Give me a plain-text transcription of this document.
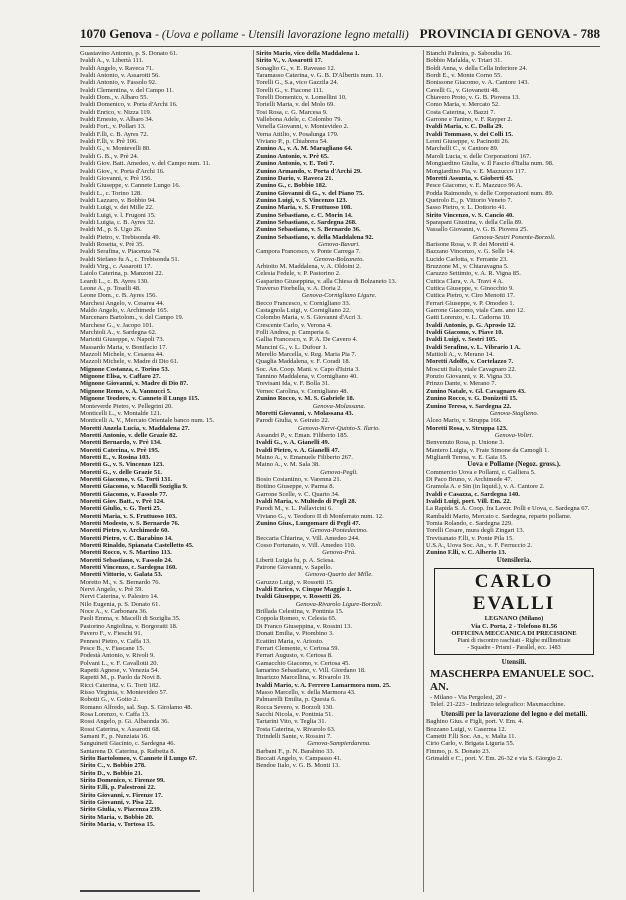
1070 Genova - (Uova e pollame - Utensili lavorazione legno metalli) PROVINCIA DI GENOVA - 788
Guastavino Antonio, p. S. Donato 61.
Ivaldi A., v. Libertà 111.
Ivaldi Angelo, v. Raveca 71.
Ivaldi Antonio, v. Assarotti 56.
Ivaldi Antonio, v. Fassolo 92.
Ivaldi Clementina, v. del Campo 11.
Ivaldi Dom., v. Albaro 55.
Ivaldi Domenico, v. Porta d'Archi 16.
Ivaldi Enrico, v. Nizza 119.
Ivaldi Ernesto, v. Albaro 34.
Ivaldi Fort., v. Pollari 13.
Ivaldi F.lli, c. B. Ayres 72.
Ivaldi F.lli, v. Prè 106.
Ivaldi G., v. Montevelli 80.
Ivaldi G. B., v. Prè 24.
Ivaldi Giov. Batt. Amedeo, v. del Campo num. 11.
Ivaldi Giov., v. Porta d'Archi 16.
Ivaldi Giovanni, v. Prè 156.
Ivaldi Giuseppe, v. Cannete Lungo 16.
Ivaldi L., c. Torino 128.
Ivaldi Lazzaro, v. Bobbio 94.
Ivaldi Luigi, v. dei Mille 22.
Ivaldi Luigi, v. l. Frugoni 15.
Ivaldi Luigia, c. B. Ayres 32.
Ivaldi M., p. S. Ugo 26.
Ivaldi Pietro, v. Trebisonda 49.
Ivaldi Rosetta, v. Prè 35.
Ivaldi Serafina, v. Piacenza 74.
Ivaldi Stefano fu A., c. Trebisonda 51.
Ivaldi Virg., c. Assarotti 17.
Laiolo Caterina, p. Manzoni 22.
Leardi L., c. B. Ayres 130.
Leone A., p. Toselli 48.
Leone Dom., c. B. Ayres 156.
Marchesi Angelo, v. Cesarea 44.
Maldo Angelo, v. Archimede 165.
Marcenaro Bartolom., v. del Campo 19.
Marchese G., v. Jacopo 101.
Marchioli A., v. Sardegna 62.
Mariotti Giuseppe, v. Napoli 73.
Massardo Maria, v. Bonifacio 17.
Mazzoli Michele, v. Cesarea 44.
Mazzoli Michele, v. Madre di Dio 61.
Mignone Costanza, c. Torino 53.
Mignone Elisa, v. Caffaro 27.
Mignone Giovanni, v. Madre di Dio 87.
Mignone Remo, v. A. Vannucci 5.
Mignone Teodoro, v. Canneto il Lungo 115.
Monteverde Pietro, v. Pellegrini 20.
Monticelli L., v. Montalde 121.
Monticelli A. V., Mercato Orientale banco num. 15.
Moretti Anzela Lucia, v. Maddalena 27.
Moretti Antonio, v. delle Grazie 82.
Moretti Bernardo, v. Prè 134.
Moretti Caterina, v. Prè 195.
Moretti E., v. Rosina 103.
Moretti G., v. S. Vincenzo 123.
Moretti G., v. delle Grazie 51.
Moretti Giacomo, v. G. Torti 131.
Moretti Giacomo, v. Macelli Soziglia 9.
Moretti Giacomo, v. Fassolo 77.
Moretti Giov. Batt., v. Prè 124.
Moretti Giulio, v. G. Torti 25.
Moretti Maria, v. S. Fruttuoso 103.
Moretti Modesto, v. S. Bernardo 76.
Moretti Pietro, v. Archimede 60.
Moretti Pietro, v. C. Barabino 14.
Moretti Rinaldo, Spianata Castelletto 45.
Moretti Rocco, v. S. Martino 113.
Moretti Sebastiano, v. Fassolo 24.
Moretti Vincenzo, c. Sardegna 160.
Moretti Vittorio, v. Galata 53.
Moretto M., v. S. Bernardo 76.
Nervi Angelo, v. Prè 59.
Nervi Caterina, v. Palestro 14.
Nilo Eugenia, p. S. Donato 61.
Noce A., v. Carbonara 36.
Paoli Emma, v. Macelli di Soziglia 35.
Pastorino Angiolina, v. Borgoratti 18.
Pavero F., v. Fieschi 91.
Pennesi Pietro, v. Caffa 13.
Pesce B., v. Fiascane 15.
Podestà Antonio, v. Rivoli 9.
Polvani L., v. F. Cavallotti 20.
Rapetti Agnese, v. Venezia 54.
Rapetti M., p. Paolo da Novi 8.
Ricci Caterina, v. G. Torti 182.
Risso Virginia, v. Montevideo 57.
Robotti G., v. Goito 2.
Romano Alfredo, sal. Sup. S. Girolamo 48.
Rosa Lorenzo, v. Caffa 13.
Rossi Angelo, p. Gi. Albaonda 36.
Rossi Caterina, v. Assarotti 68.
Samani F., p. Nunziata 16.
Sanguineti Giacinto, c. Sardegna 46.
Santarena D. Caterina, p. Raibetta 8.
Sirito Bartolomeo, v. Cannete il Lungo 67.
Sirito C., v. Bobbio 278.
Sirito D., v. Bobbio 21.
Sirito Domenico, v. Firenze 99.
Sirito F.lli, p. Palestroni 22.
Sirito Giovanni, v. Firenze 17.
Sirito Giovanni, v. Pisa 22.
Sirito Giulia, v. Piacenza 239.
Sirito Maria, v. Bobbio 20.
Sirito Maria, v. Tortosa 15.
Sirito Mario, vico della Maddalena 1.
Sirito V., v. Assarotti 17.
Sonaglio G., v. E. Raveaso 12.
Taramasso Caterina, v. G. B. D'Albertis num. 11.
Torelli G., S.a, vico Gazzila 24.
Torelli G., v. Fiacone 111.
Torelli Domenico, v. Lomellini 10.
Torielli Maria, v. del Molo 69.
Tosi Rosa, c. G. Marcesa 9.
Vallebona Adele, c. Colombo 79.
Venella Giovanni, v. Montevideo 2.
Verna Attilio, v. Posalunga 179.
Viviano P., p. Chiabrera 54.
Zunino A., v. A. M. Maragliano 64.
Zunino Antonio, v. Prè 65.
Zunino Antonio, v. E. Toti 7.
Zunino Armando, v. Porta d'Archi 29.
Zunino Dario, v. Raveca 21.
Zunino G., c. Bobbio 182.
Zunino Giovanni di G., v. del Piano 75.
Zunino Luigi, v. S. Vincenzo 123.
Zunino Maria, v. S. Fruttuoso 108.
Zunino Sebastiano, c. C. Morin 14.
Zunino Sebastiano, c. Sardegna 268.
Zunino Sebastiano, v. S. Bernardo 36.
Zunino Sebastiano, v. della Maddalena 92.
Genova-Bavari.
Campora Francesco, v. Ponte Carrega 7.
Genova-Bolzaneto.
Arbioito M. Maddalena, v. A. Oldoini 2.
Celesia Fedele, v. P. Pastorino 2.
Gasparino Giuseppina, v. alla Chiesa di Bolzaneto 13.
Traverso Fiorbella, v. A. Doria 2.
Genova-Cornigliano Ligure.
Becco Francesco, v. Cornigliano 33.
Castagnola Luigi, v. Cornigliano 22.
Colombo Maria, v. S. Giovanni d'Acri 3.
Crescente Carlo, v. Verona 4.
Folli Andrea, p. Camperia 6.
Gallia Francesco, v. P. A. De Cavero 4.
Mancini G., v. L. Dufour 1.
Merello Marcella, v. Reg. Maria Pia 7.
Quaglia Maddalena, v. F. Coradi 18.
Soc. An. Coop. Mani. v. Capo d'Istria 3.
Tannino Maddalena, v. Cornigliano 40.
Trevisani Ida, v. F. Bolla 31.
Vernec Carolina, v. Cornigliano 48.
Zunino Rocco, v. M. S. Gabriele 18.
Genova-Molassana.
Moretti Giovanni, v. Molassana 43.
Parodi Giulia, v. Geirato 22.
Genova-Nervi-Quinto-S. Ilario.
Assandri P., v. Eman. Filiberto 185.
Ivaldi G., v. A. Gianelli 49.
Ivaldi Pietro, v. A. Gianelli 47.
Maino A., v. Emanuele Filiberto 267.
Maino A., v. M. Sala 38.
Genova-Pegli.
Bosio Costantino, v. Varenna 21.
Bottino Giuseppe, v. Parma 8.
Garrone Scelle, v. C. Quarto 34.
Ivaldi Maria, v. Multedo di Pegli 28.
Parodi M., v. L. Pallavicini 6.
Viviano G., v. Teodoro II di Monferrato num. 12.
Zunino Gius., Lungomare di Pegli 47.
Genova-Pontedecimo.
Beccaria Chiarina, v. Vill. Amedeo 244.
Cosso Fortunato, v. Vill. Amedeo 110.
Genova-Prà.
Liberti Luigia fu, p. A. Sciesa.
Patrone Giovanni, v. Sapello.
Genova-Quarto dei Mille.
Garuzzo Luigi, v. Rossetti 15.
Ivaldi Enrico, v. Cinque Maggio 1.
Ivaldi Giuseppe, v. Rossetti 26.
Genova-Rivarolo Ligure-Borzoli.
Brillada Celestina, v. Pontinia 15.
Coppola Romeo, v. Celesia 65.
Di Franco Giuseppina, v. Rossini 13.
Donati Emilia, v. Piombino 3.
Ecattini Maria, v. Ariosto.
Ferrari Clemente, v. Certosa 59.
Ferrari Augusto, v. Certosa 8.
Gamacchio Giacomo, v. Certosa 45.
Iamarino Sebastiano, v. Vill. Giordano 18.
Imarizzo Marcellina, v. Rivarolo 19.
Ivaldi Mario, v. A. Ferrero Lamarmora num. 25.
Masso Marcello, v. della Marmora 43.
Palmarelli Emilia, p. Questa 6.
Rocca Severo, v. Borzoli 130.
Sacchi Nicola, v. Pontinia 51.
Tartarini Vito, v. Teglia 31.
Tosta Caterina, v. Rivarolo 63.
Tirindelli Sante, v. Rossini 7.
Genova-Sampierdarena.
Barbani F., p. N. Barabino 33.
Beccati Angelo, v. Campasso 41.
Bendoe Italo, v. G. B. Monti 13.
Bianchi Palmira, p. Saboudia 16.
Bobbio Mafalda, v. Triari 31.
Boldi Anna, v. della Cella Inferiore 24.
Bordi E., v. Monte Corno 55.
Bonissone Giacomo, v. A. Cantore 143.
Cavelli G., v. Giovanetti 48.
Chiavero Proto, v. G. B. Piovera 13.
Como Maria, v. Mercato 52.
Costa Caterina, v. Bazzi 7.
Garrone e Tanino, v. F. Rayper 2.
Ivaldi Maria, v. C. Dolla 29.
Ivaldi Tommaso, v. dei Colli 15.
Leoni Giuseppe, v. Pacinotti 26.
Marchelli C., v. Cantore 89.
Maroli Lucia, v. delle Corporazioni 167.
Mongiardino Giulia, v. Il Fascio d'Italia num. 98.
Mongiardino Pia, v. E. Mazzucco 117.
Moretti Assunta, v. Gioberti 45.
Pesce Giacomo, v. E. Mazzuco 96 A.
Podda Raimondo, v. delle Corporazioni num. 89.
Queirolo E., p. Vittorio Veneto 7.
Sasso Pietro, v. L. Dottorio 41.
Sirito Vincenzo, v. S. Cancio 40.
Sparapani Giustina, v. della Cella 89.
Vassallo Giovanni, v. G. B. Piovera 25.
Genova-Sestri Ponente-Borzoli.
Barisone Rosa, v. P. dei Moretti 4.
Bazzano Vincenzo, v. G. Selle 14.
Lucido Carlotta, v. Ferrante 23.
Bruzzone M., v. Chiaravagna 5.
Caruzzo Settimio, v. A. R. Vigna 85.
Cuttica Clara, v. A. Travi 4 A.
Cuttica Giuseppe, v. Ginocchio 9.
Cuttica Pietro, v. Ciro Menotti 17.
Ferrari Giuseppe, v. P. Omodeo 1.
Garrone Giacomo, viale Cam. ano 12.
Gatti Lorenzo, v. L. Cadorna 10.
Ivaldi Antonio, p. G. Aprosio 12.
Ivaldi Giacomo, v. Piave 10.
Ivaldi Luigi, v. Sestri 105.
Ivaldi Serafino, v. L. Vibrario 1 A.
Mattioli A., v. Merano 14.
Moretti Adolfo, v. Cortelazzo 7.
Moscuti Italo, viale Cavagnaro 22.
Ponzio Giovanni, v. R. Vigna 33.
Prinzo Dante, v. Merano 7.
Zunino Natale, v. Gl. Cavagnaro 43.
Zunino Rocco, v. G. Donizetti 15.
Zunino Teresa, v. Sardegna 22.
Genova-Staglieno.
Alceo Mario, v. Struppa 166.
Moretti Rosa, v. Struppa 123.
Genova-Voltri.
Benvenuto Rosa, p. Unione 3.
Mantero Luigia, v. Frate Simone da Camogli 1.
Migliardi Teresa, v. E. Gaia 15.
Uova e Pollame (Negoz. gross.).
Commercio Uova e Pollami, c. Galliera 5.
Di Paco Bruno, v. Archimede 47.
Gramola A. e Sin (in liquid.), v. A. Cantore 2.
Ivaldi e Casazza, c. Sardegna 140.
Ivaldi Luigi, port. Vill. Em. 22.
La Rapida S. A. Coop. fra Lavor. Polli e Uova, c. Sardegna 67.
Rambaldi Mario, Mercato c. Sardegna, reparto pollame.
Tomia Rolando, c. Sardegna 229.
Torelli Cesare, mura degli Zingari 13.
Trevisanato F.lli, v. Ponte Pila 15.
U.S.A., Uova Soc. An., v. F. Ferruccio 2.
Zunino F.lli, v. C. Alberto 13.
Utensileria.
CARLO EVALLI
LEGNANO (Milano)
Via C. Porta, 2 - Telefono 81.56
OFFICINA MECCANICA DI PRECISIONE
Piani di riscontro raschiati - Righe millimetrate
- Squadre - Prismi - Parallel, ecc. 1483
Utensili.
MASCHERPA EMANUELE SOC. AN.
- Milano - Via Pergolesi, 20 -
Telef. 21-223 - Indirizzo telegrafico: Maxmacchine.
Utensili per la lavorazione del legno e dei metalli.
Baghino Gius. e Figli, port. V. Em. 4.
Bozzano Luigi, v. Caserma 12.
Cametti F.lli Soc. An., v. Malta 11.
Cirio Carlo, v. Brigata Liguria 55.
Fimmo, p. S. Donato 23.
Grimaldi e C., port. V. Em. 26-32 e via S. Giorgio 2.
